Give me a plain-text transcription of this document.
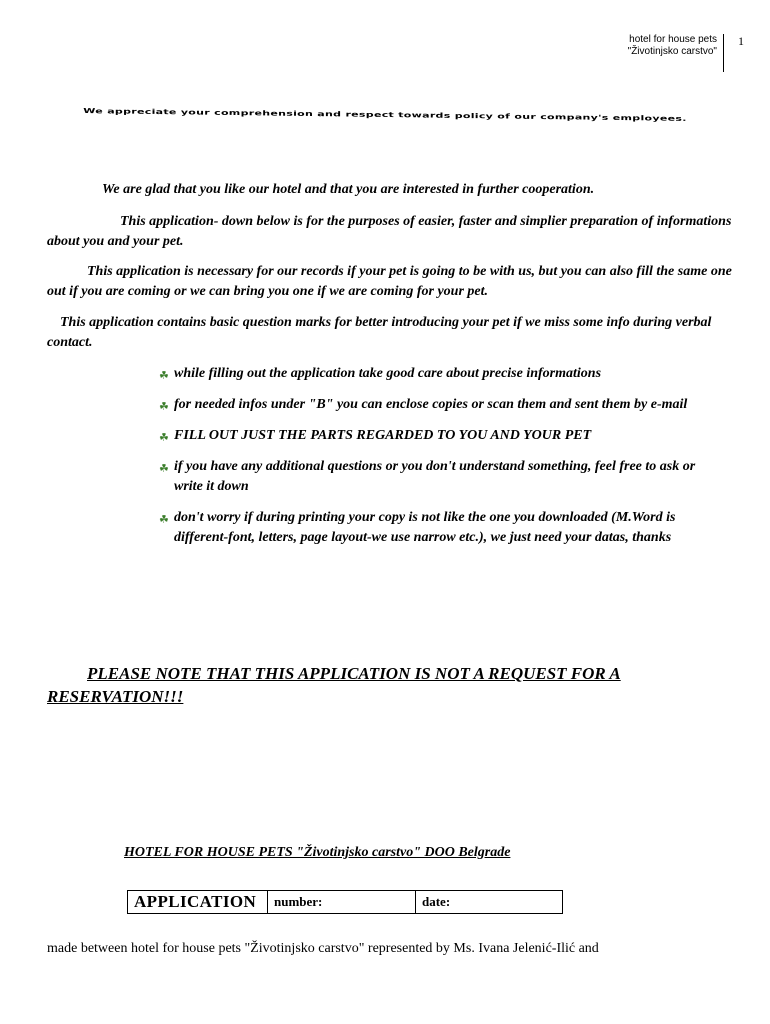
hotel for house pets
"Životinjsko carstvo"
1
We appreciate your comprehension and respect towards policy of our company's employees.

We are glad that you like our hotel and that you are interested in further cooperation.

This application- down below is for the purposes of easier, faster and simplier preparation of informations about you and your pet.

This application is necessary for our records if your pet is going to be with us, but you can also fill the same one out if you are coming or we can bring you one if we are coming for your pet.

This application contains basic question marks for better introducing your pet if we miss some info during verbal contact.

☘ while filling out the application take good care about precise informations
☘ for needed infos under "B" you can enclose copies or scan them and sent them by e-mail
☘ FILL OUT JUST THE PARTS REGARDED TO YOU AND YOUR PET
☘ if you have any additional questions or you don't understand something, feel free to ask or write it down
☘ don't worry if during printing your copy is not like the one you downloaded (M.Word is different-font, letters, page layout-we use narrow etc.), we just need your datas, thanks

PLEASE NOTE THAT THIS APPLICATION IS NOT A REQUEST FOR A RESERVATION!!!

HOTEL FOR HOUSE PETS "Životinjsko carstvo" DOO Belgrade

APPLICATION	number:	date:

made between hotel for house pets "Životinjsko carstvo" represented by Ms. Ivana Jelenić-Ilić and
